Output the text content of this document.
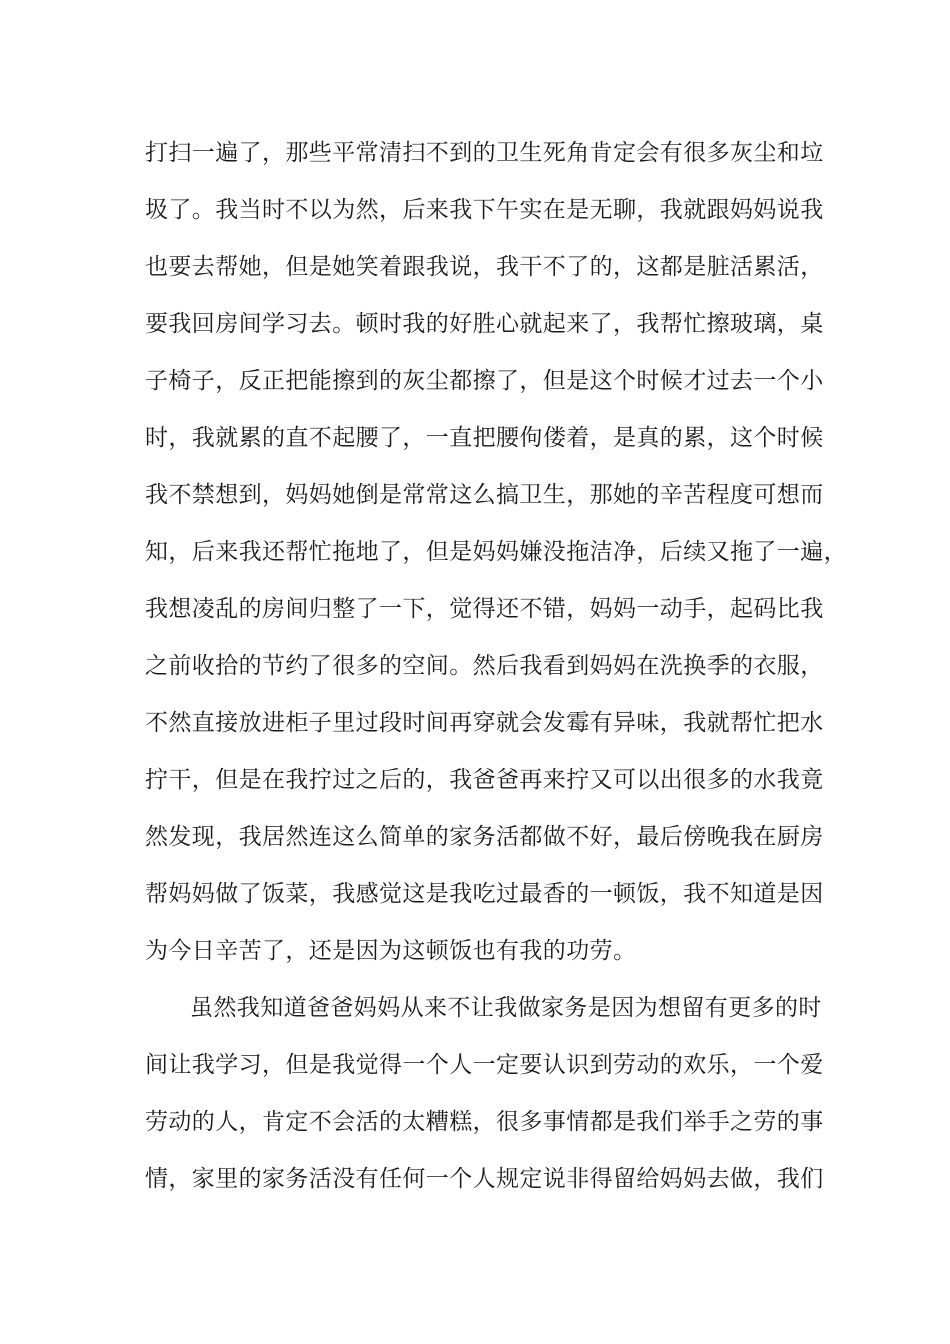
打扫一遍了，那些平常清扫不到的卫生死角肯定会有很多灰尘和垃
圾了。我当时不以为然，后来我下午实在是无聊，我就跟妈妈说我
也要去帮她，但是她笑着跟我说，我干不了的，这都是脏活累活，
要我回房间学习去。顿时我的好胜心就起来了，我帮忙擦玻璃，桌
子椅子，反正把能擦到的灰尘都擦了，但是这个时候才过去一个小
时，我就累的直不起腰了，一直把腰佝偻着，是真的累，这个时候
我不禁想到，妈妈她倒是常常这么搞卫生，那她的辛苦程度可想而
知，后来我还帮忙拖地了，但是妈妈嫌没拖洁净，后续又拖了一遍，
我想凌乱的房间归整了一下，觉得还不错，妈妈一动手，起码比我
之前收拾的节约了很多的空间。然后我看到妈妈在洗换季的衣服，
不然直接放进柜子里过段时间再穿就会发霉有异味，我就帮忙把水
拧干，但是在我拧过之后的，我爸爸再来拧又可以出很多的水我竟
然发现，我居然连这么简单的家务活都做不好，最后傍晚我在厨房
帮妈妈做了饭菜，我感觉这是我吃过最香的一顿饭，我不知道是因
为今日辛苦了，还是因为这顿饭也有我的功劳。
虽然我知道爸爸妈妈从来不让我做家务是因为想留有更多的时
间让我学习，但是我觉得一个人一定要认识到劳动的欢乐，一个爱
劳动的人，肯定不会活的太糟糕，很多事情都是我们举手之劳的事
情，家里的家务活没有任何一个人规定说非得留给妈妈去做，我们
